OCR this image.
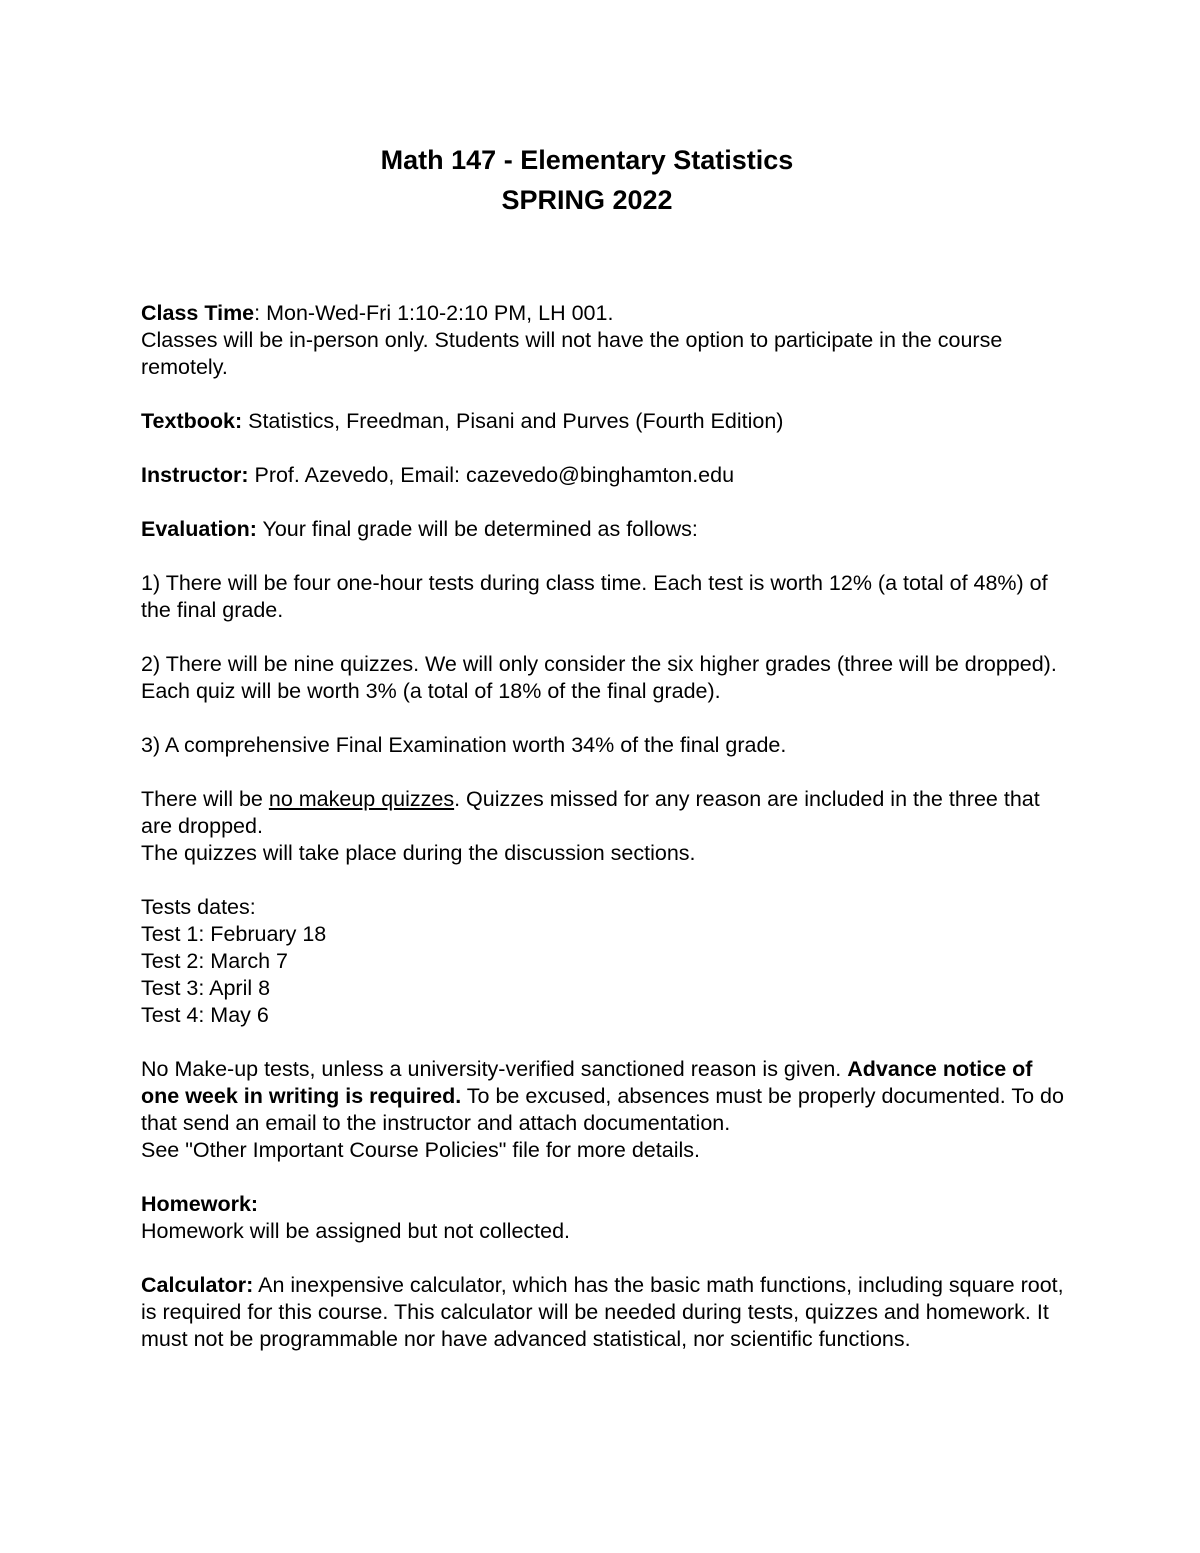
Math 147 - Elementary Statistics
SPRING 2022

Class Time: Mon-Wed-Fri 1:10-2:10 PM, LH 001.

Classes will be in-person only. Students will not have the option to participate in the course remotely.

Textbook: Statistics, Freedman, Pisani and Purves (Fourth Edition)

Instructor: Prof. Azevedo, Email: cazevedo@binghamton.edu

Evaluation: Your final grade will be determined as follows:

1) There will be four one-hour tests during class time. Each test is worth 12% (a total of 48%) of the final grade.

2) There will be nine quizzes. We will only consider the six higher grades (three will be dropped). Each quiz will be worth 3% (a total of 18% of the final grade).

3) A comprehensive Final Examination worth 34% of the final grade.

There will be no makeup quizzes. Quizzes missed for any reason are included in the three that are dropped.

The quizzes will take place during the discussion sections.

Tests dates:

Test 1: February 18

Test 2: March 7

Test 3: April 8

Test 4: May 6

No Make-up tests, unless a university-verified sanctioned reason is given. Advance notice of one week in writing is required. To be excused, absences must be properly documented. To do that send an email to the instructor and attach documentation.

See "Other Important Course Policies" file for more details.

Homework:

Homework will be assigned but not collected.

Calculator: An inexpensive calculator, which has the basic math functions, including square root, is required for this course. This calculator will be needed during tests, quizzes and homework. It must not be programmable nor have advanced statistical, nor scientific functions.
